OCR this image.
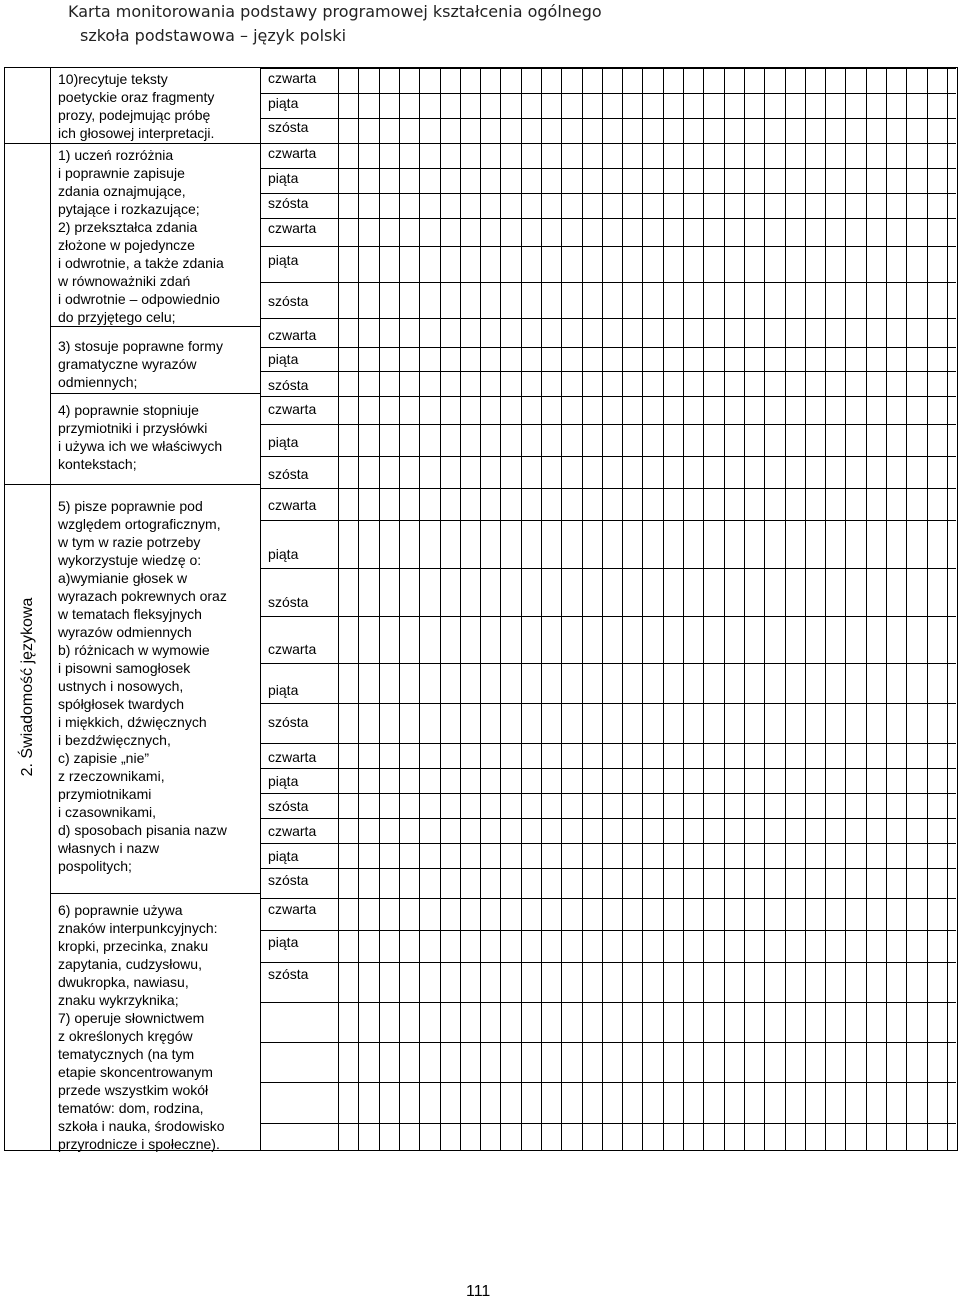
Karta monitorowania podstawy programowej kształcenia ogólnego
szkoła podstawowa – język polski
2. Świadomość językowa
10)recytuje teksty
poetyckie oraz fragmenty
prozy, podejmując próbę
ich głosowej interpretacji.
1) uczeń rozróżnia
i poprawnie zapisuje
zdania oznajmujące,
pytające i rozkazujące;
2) przekształca zdania
złożone w pojedyncze
i odwrotnie, a także zdania
w równoważniki zdań
i odwrotnie – odpowiednio
do przyjętego celu;
3) stosuje poprawne formy
gramatyczne wyrazów
odmiennych;
4) poprawnie stopniuje
przymiotniki i przysłówki
i używa ich we właściwych
kontekstach;
5) pisze poprawnie pod
względem ortograficznym,
w tym w razie potrzeby
wykorzystuje wiedzę o:
a)wymianie głosek w
wyrazach pokrewnych oraz
w tematach fleksyjnych
wyrazów odmiennych
b) różnicach w wymowie
i pisowni samogłosek
ustnych i nosowych,
spółgłosek twardych
i miękkich, dźwięcznych
i bezdźwięcznych,
c) zapisie „nie”
z rzeczownikami,
przymiotnikami
i czasownikami,
d) sposobach pisania nazw
własnych i nazw
pospolitych;
6) poprawnie używa
znaków interpunkcyjnych:
kropki, przecinka, znaku
zapytania, cudzysłowu,
dwukropka, nawiasu,
znaku wykrzyknika;
7) operuje słownictwem
z określonych kręgów
tematycznych (na tym
etapie skoncentrowanym
przede wszystkim wokół
tematów: dom, rodzina,
szkoła i nauka, środowisko
przyrodnicze i społeczne).
czwarta
piąta
szósta
czwarta
piąta
szósta
czwarta
piąta
szósta
czwarta
piąta
szósta
czwarta
piąta
szósta
czwarta
piąta
szósta
czwarta
piąta
szósta
czwarta
piąta
szósta
czwarta
piąta
szósta
czwarta
piąta
szósta
111
